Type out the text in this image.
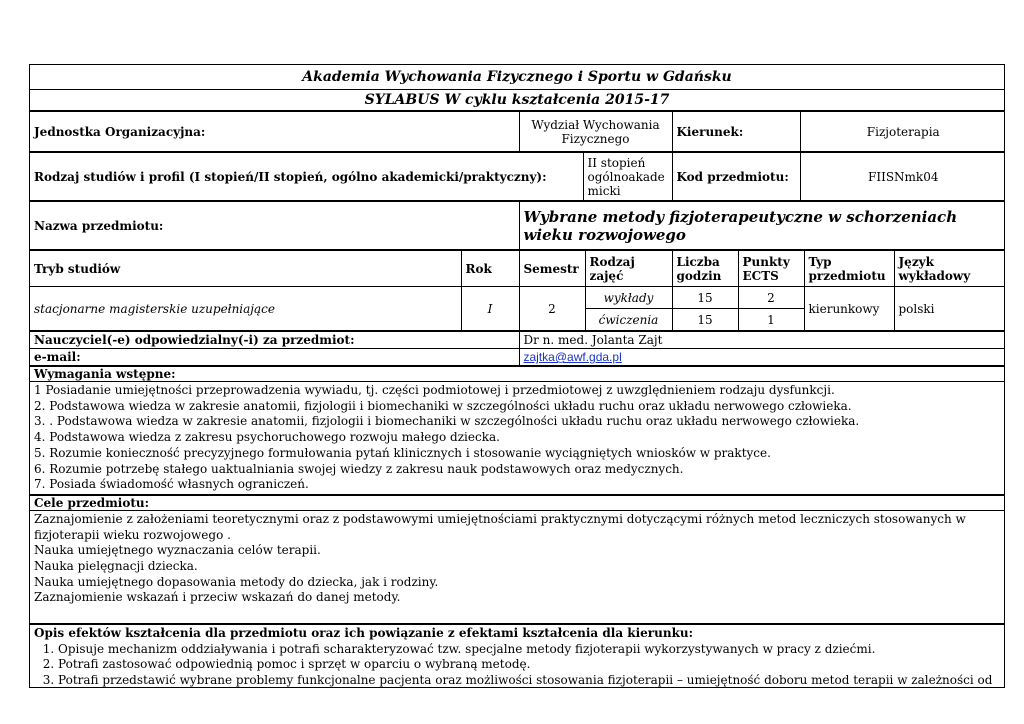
Akademia Wychowania Fizycznego i Sportu w Gdańsku
SYLABUS W cyklu kształcenia 2015-17
Jednostka Organizacyjna:	Wydział Wychowania Fizycznego	Kierunek:	Fizjoterapia
Rodzaj studiów i profil (I stopień/II stopień, ogólno akademicki/praktyczny):	II stopień ogólnoakade micki	Kod przedmiotu:	FIISNmk04
Nazwa przedmiotu:	Wybrane metody fizjoterapeutyczne w schorzeniach wieku rozwojowego
Tryb studiów	Rok	Semestr	Rodzaj zajęć	Liczba godzin	Punkty ECTS	Typ przedmiotu	Język wykładowy
stacjonarne magisterskie uzupełniające	I	2	wykłady	15	2	kierunkowy	polski
			ćwiczenia	15	1		
Nauczyciel(-e) odpowiedzialny(-i) za przedmiot:	Dr n. med. Jolanta Zajt
e-mail:	zajtka@awf.gda.pl
Wymagania wstępne:

1 Posiadanie umiejętności przeprowadzenia wywiadu, tj. części podmiotowej i przedmiotowej z uwzględnieniem rodzaju dysfunkcji.
2. Podstawowa wiedza w zakresie anatomii, fizjologii i biomechaniki w szczególności układu ruchu oraz układu nerwowego człowieka.
3. . Podstawowa wiedza w zakresie anatomii, fizjologii i biomechaniki w szczególności układu ruchu oraz układu nerwowego człowieka.
4. Podstawowa wiedza z zakresu psychoruchowego rozwoju małego dziecka.
5. Rozumie konieczność precyzyjnego formułowania pytań klinicznych i stosowanie wyciągniętych wniosków w praktyce.
6. Rozumie potrzebę stałego uaktualniania swojej wiedzy z zakresu nauk podstawowych oraz medycznych.
7. Posiada świadomość własnych ograniczeń.
Cele przedmiotu:

Zaznajomienie z założeniami teoretycznymi oraz z podstawowymi umiejętnościami praktycznymi dotyczącymi różnych metod leczniczych stosowanych w fizjoterapii wieku rozwojowego .
Nauka umiejętnego wyznaczania celów terapii.
Nauka pielęgnacji dziecka.
Nauka umiejętnego dopasowania metody do dziecka, jak i rodziny.
Zaznajomienie wskazań i przeciw wskazań do danej metody.
Opis efektów kształcenia dla przedmiotu oraz ich powiązanie z efektami kształcenia dla kierunku:
1. Opisuje mechanizm oddziaływania i potrafi scharakteryzować tzw. specjalne metody fizjoterapii wykorzystywanych w pracy z dziećmi.
2. Potrafi zastosować odpowiednią pomoc i sprzęt w oparciu o wybraną metodę.
3. Potrafi przedstawić wybrane problemy funkcjonalne pacjenta oraz możliwości stosowania fizjoterapii – umiejętność doboru metod terapii w zależności od
